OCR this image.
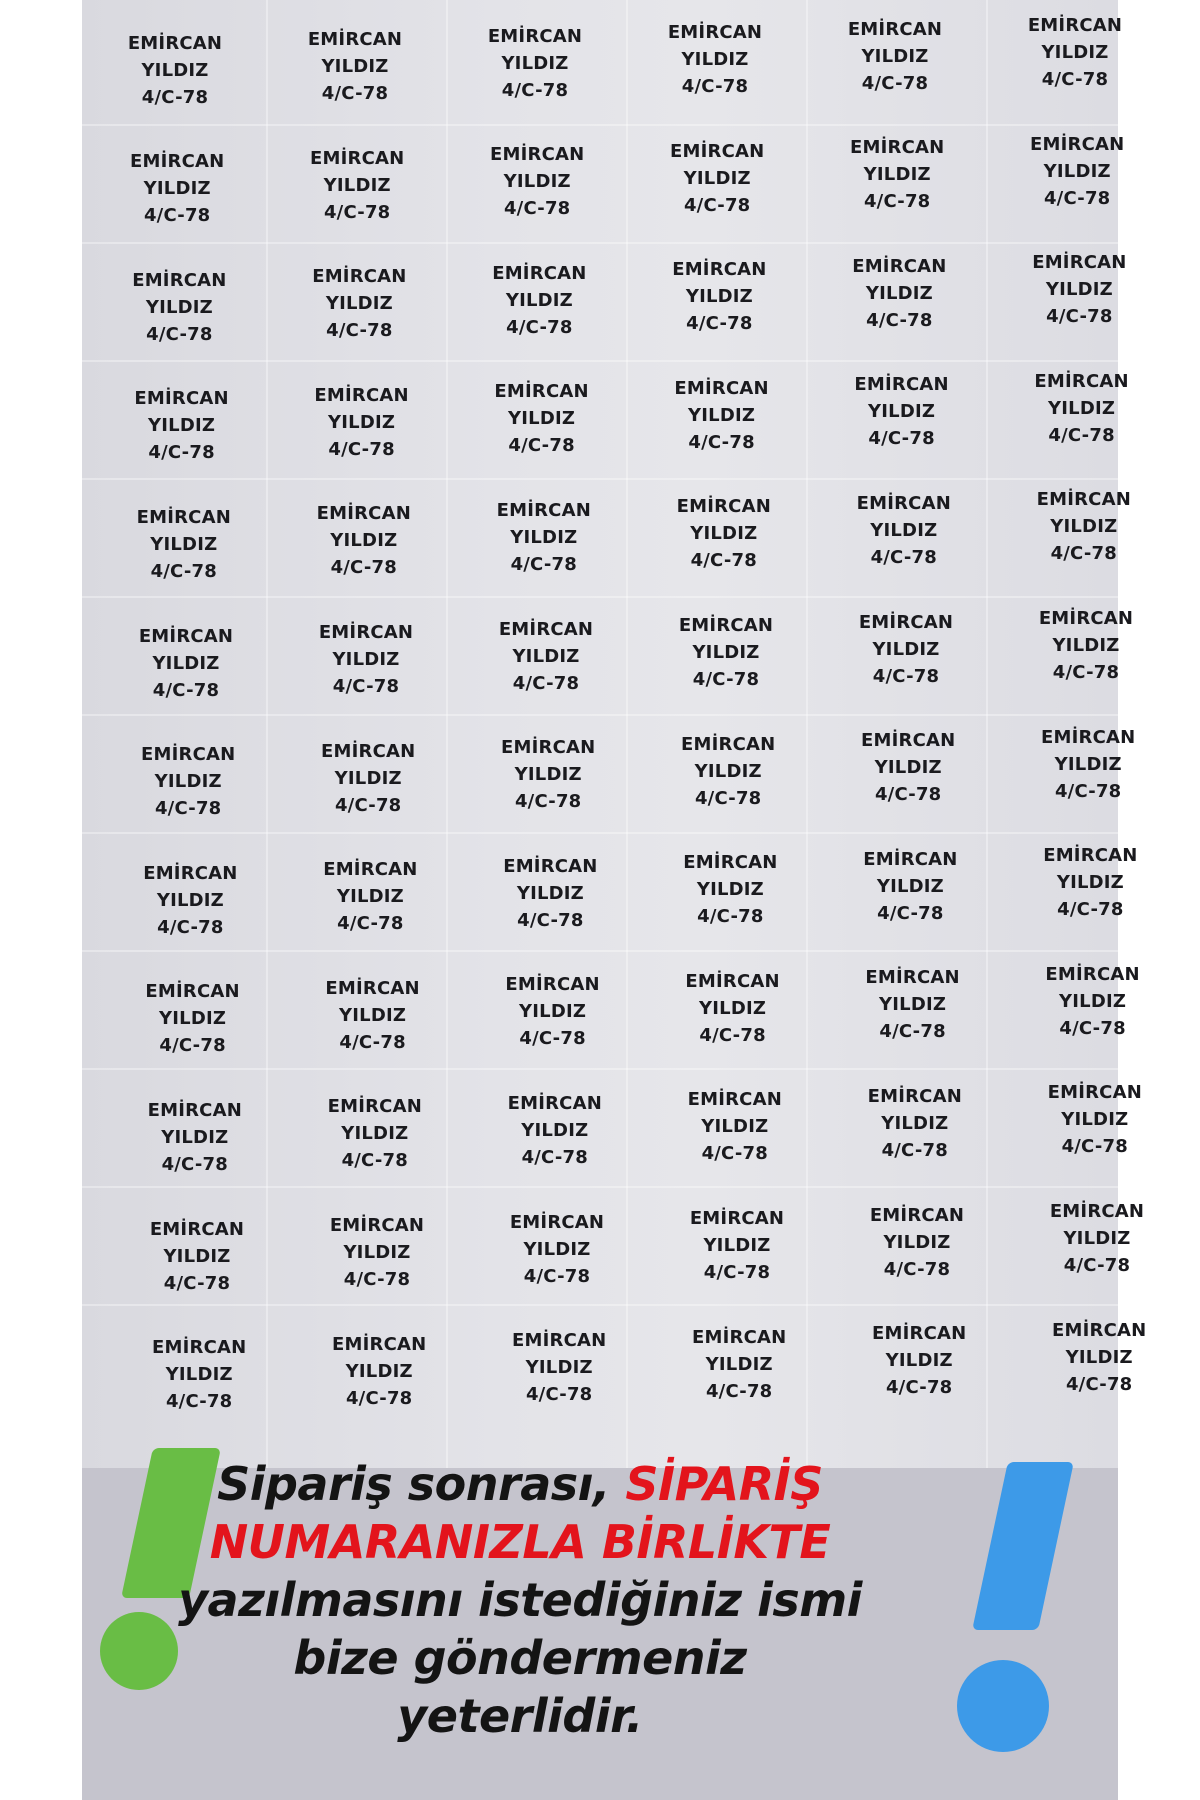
EMİRCAN
YILDIZ
4/C-78
EMİRCAN
YILDIZ
4/C-78
EMİRCAN
YILDIZ
4/C-78
EMİRCAN
YILDIZ
4/C-78
EMİRCAN
YILDIZ
4/C-78
EMİRCAN
YILDIZ
4/C-78
EMİRCAN
YILDIZ
4/C-78
EMİRCAN
YILDIZ
4/C-78
EMİRCAN
YILDIZ
4/C-78
EMİRCAN
YILDIZ
4/C-78
EMİRCAN
YILDIZ
4/C-78
EMİRCAN
YILDIZ
4/C-78
EMİRCAN
YILDIZ
4/C-78
EMİRCAN
YILDIZ
4/C-78
EMİRCAN
YILDIZ
4/C-78
EMİRCAN
YILDIZ
4/C-78
EMİRCAN
YILDIZ
4/C-78
EMİRCAN
YILDIZ
4/C-78
EMİRCAN
YILDIZ
4/C-78
EMİRCAN
YILDIZ
4/C-78
EMİRCAN
YILDIZ
4/C-78
EMİRCAN
YILDIZ
4/C-78
EMİRCAN
YILDIZ
4/C-78
EMİRCAN
YILDIZ
4/C-78
EMİRCAN
YILDIZ
4/C-78
EMİRCAN
YILDIZ
4/C-78
EMİRCAN
YILDIZ
4/C-78
EMİRCAN
YILDIZ
4/C-78
EMİRCAN
YILDIZ
4/C-78
EMİRCAN
YILDIZ
4/C-78
EMİRCAN
YILDIZ
4/C-78
EMİRCAN
YILDIZ
4/C-78
EMİRCAN
YILDIZ
4/C-78
EMİRCAN
YILDIZ
4/C-78
EMİRCAN
YILDIZ
4/C-78
EMİRCAN
YILDIZ
4/C-78
EMİRCAN
YILDIZ
4/C-78
EMİRCAN
YILDIZ
4/C-78
EMİRCAN
YILDIZ
4/C-78
EMİRCAN
YILDIZ
4/C-78
EMİRCAN
YILDIZ
4/C-78
EMİRCAN
YILDIZ
4/C-78
EMİRCAN
YILDIZ
4/C-78
EMİRCAN
YILDIZ
4/C-78
EMİRCAN
YILDIZ
4/C-78
EMİRCAN
YILDIZ
4/C-78
EMİRCAN
YILDIZ
4/C-78
EMİRCAN
YILDIZ
4/C-78
EMİRCAN
YILDIZ
4/C-78
EMİRCAN
YILDIZ
4/C-78
EMİRCAN
YILDIZ
4/C-78
EMİRCAN
YILDIZ
4/C-78
EMİRCAN
YILDIZ
4/C-78
EMİRCAN
YILDIZ
4/C-78
EMİRCAN
YILDIZ
4/C-78
EMİRCAN
YILDIZ
4/C-78
EMİRCAN
YILDIZ
4/C-78
EMİRCAN
YILDIZ
4/C-78
EMİRCAN
YILDIZ
4/C-78
EMİRCAN
YILDIZ
4/C-78
EMİRCAN
YILDIZ
4/C-78
EMİRCAN
YILDIZ
4/C-78
EMİRCAN
YILDIZ
4/C-78
EMİRCAN
YILDIZ
4/C-78
EMİRCAN
YILDIZ
4/C-78
EMİRCAN
YILDIZ
4/C-78
EMİRCAN
YILDIZ
4/C-78
EMİRCAN
YILDIZ
4/C-78
EMİRCAN
YILDIZ
4/C-78
EMİRCAN
YILDIZ
4/C-78
EMİRCAN
YILDIZ
4/C-78
EMİRCAN
YILDIZ
4/C-78
Sipariş sonrası, SİPARİŞ NUMARANIZLA BİRLİKTE yazılmasını istediğiniz ismi bize göndermeniz yeterlidir.
